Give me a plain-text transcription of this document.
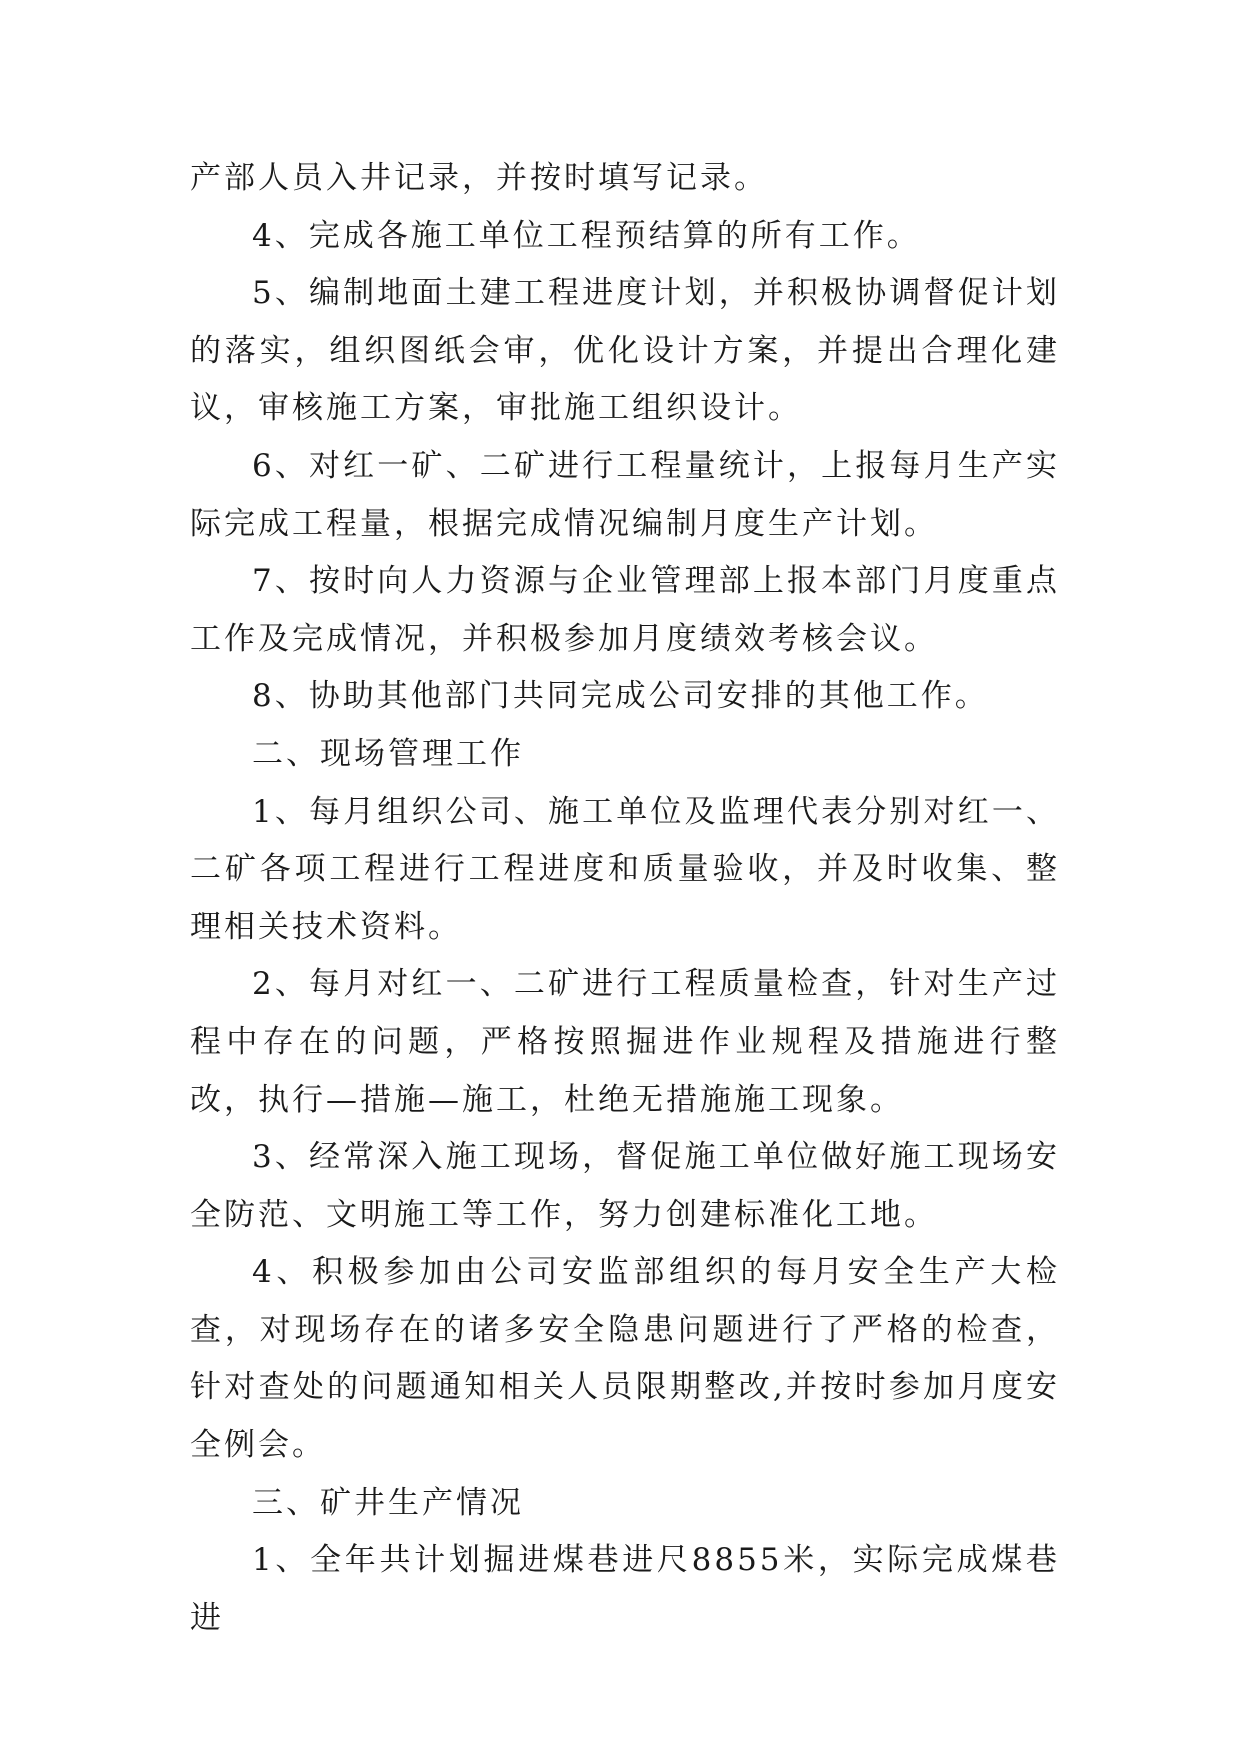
产部人员入井记录，并按时填写记录。

4、完成各施工单位工程预结算的所有工作。

5、编制地面土建工程进度计划，并积极协调督促计划的落实，组织图纸会审，优化设计方案，并提出合理化建议，审核施工方案，审批施工组织设计。

6、对红一矿、二矿进行工程量统计，上报每月生产实际完成工程量，根据完成情况编制月度生产计划。

7、按时向人力资源与企业管理部上报本部门月度重点工作及完成情况，并积极参加月度绩效考核会议。

8、协助其他部门共同完成公司安排的其他工作。

二、现场管理工作

1、每月组织公司、施工单位及监理代表分别对红一、二矿各项工程进行工程进度和质量验收，并及时收集、整理相关技术资料。

2、每月对红一、二矿进行工程质量检查，针对生产过程中存在的问题，严格按照掘进作业规程及措施进行整改，执行—措施—施工，杜绝无措施施工现象。

3、经常深入施工现场，督促施工单位做好施工现场安全防范、文明施工等工作，努力创建标准化工地。

4、积极参加由公司安监部组织的每月安全生产大检查，对现场存在的诸多安全隐患问题进行了严格的检查，针对查处的问题通知相关人员限期整改,并按时参加月度安全例会。

三、矿井生产情况

1、全年共计划掘进煤巷进尺8855米，实际完成煤巷进
